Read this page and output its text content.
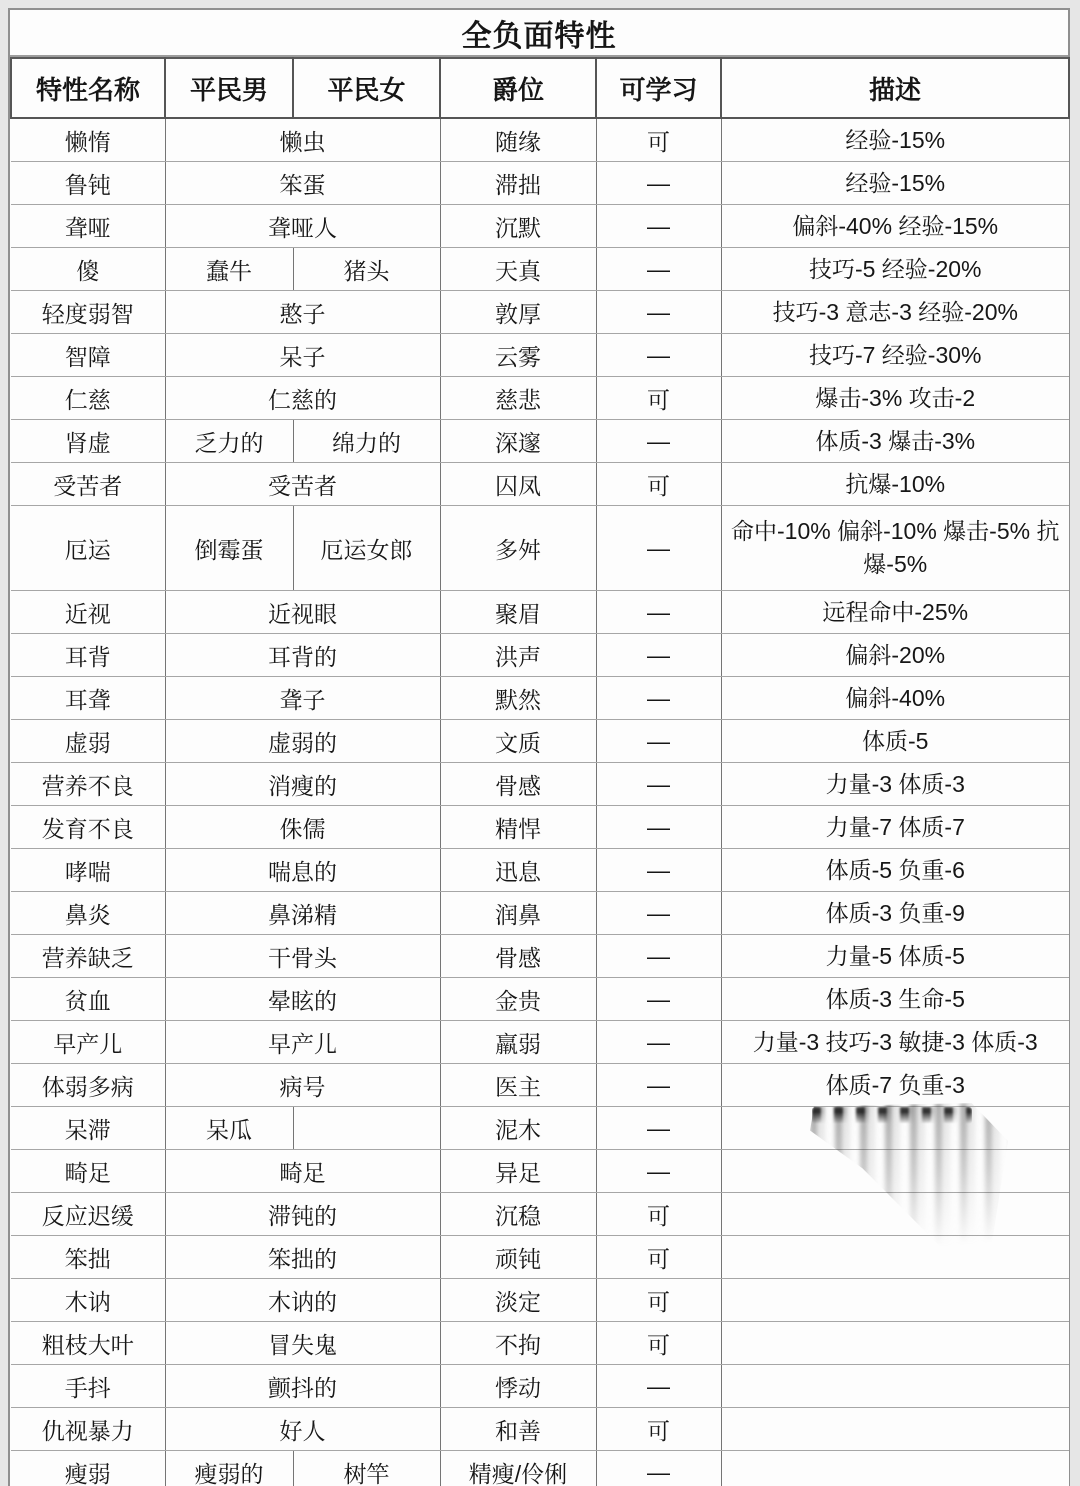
全负面特性
特性名称	平民男	平民女	爵位	可学习	描述
懒惰	懒虫		随缘	可	经验-15%
鲁钝	笨蛋		滞拙	—	经验-15%
聋哑	聋哑人		沉默	—	偏斜-40% 经验-15%
傻	蠢牛	猪头	天真	—	技巧-5 经验-20%
轻度弱智	憨子		敦厚	—	技巧-3 意志-3 经验-20%
智障	呆子		云雾	—	技巧-7 经验-30%
仁慈	仁慈的		慈悲	可	爆击-3% 攻击-2
肾虚	乏力的	绵力的	深邃	—	体质-3 爆击-3%
受苦者	受苦者		囚凤	可	抗爆-10%
厄运	倒霉蛋	厄运女郎	多舛	—	命中-10% 偏斜-10% 爆击-5% 抗爆-5%
近视	近视眼		聚眉	—	远程命中-25%
耳背	耳背的		洪声	—	偏斜-20%
耳聋	聋子		默然	—	偏斜-40%
虚弱	虚弱的		文质	—	体质-5
营养不良	消瘦的		骨感	—	力量-3 体质-3
发育不良	侏儒		精悍	—	力量-7 体质-7
哮喘	喘息的		迅息	—	体质-5 负重-6
鼻炎	鼻涕精		润鼻	—	体质-3 负重-9
营养缺乏	干骨头		骨感	—	力量-5 体质-5
贫血	晕眩的		金贵	—	体质-3 生命-5
早产儿	早产儿		羸弱	—	力量-3 技巧-3 敏捷-3 体质-3
体弱多病	病号		医主	—	体质-7 负重-3
呆滞	呆瓜		泥木	—	
畸足	畸足		异足	—	
反应迟缓	滞钝的		沉稳	可	
笨拙	笨拙的		顽钝	可	
木讷	木讷的		淡定	可	
粗枝大叶	冒失鬼		不拘	可	
手抖	颤抖的		悸动	—	
仇视暴力	好人		和善	可	
瘦弱	瘦弱的	树竿	精瘦/伶俐	—	
